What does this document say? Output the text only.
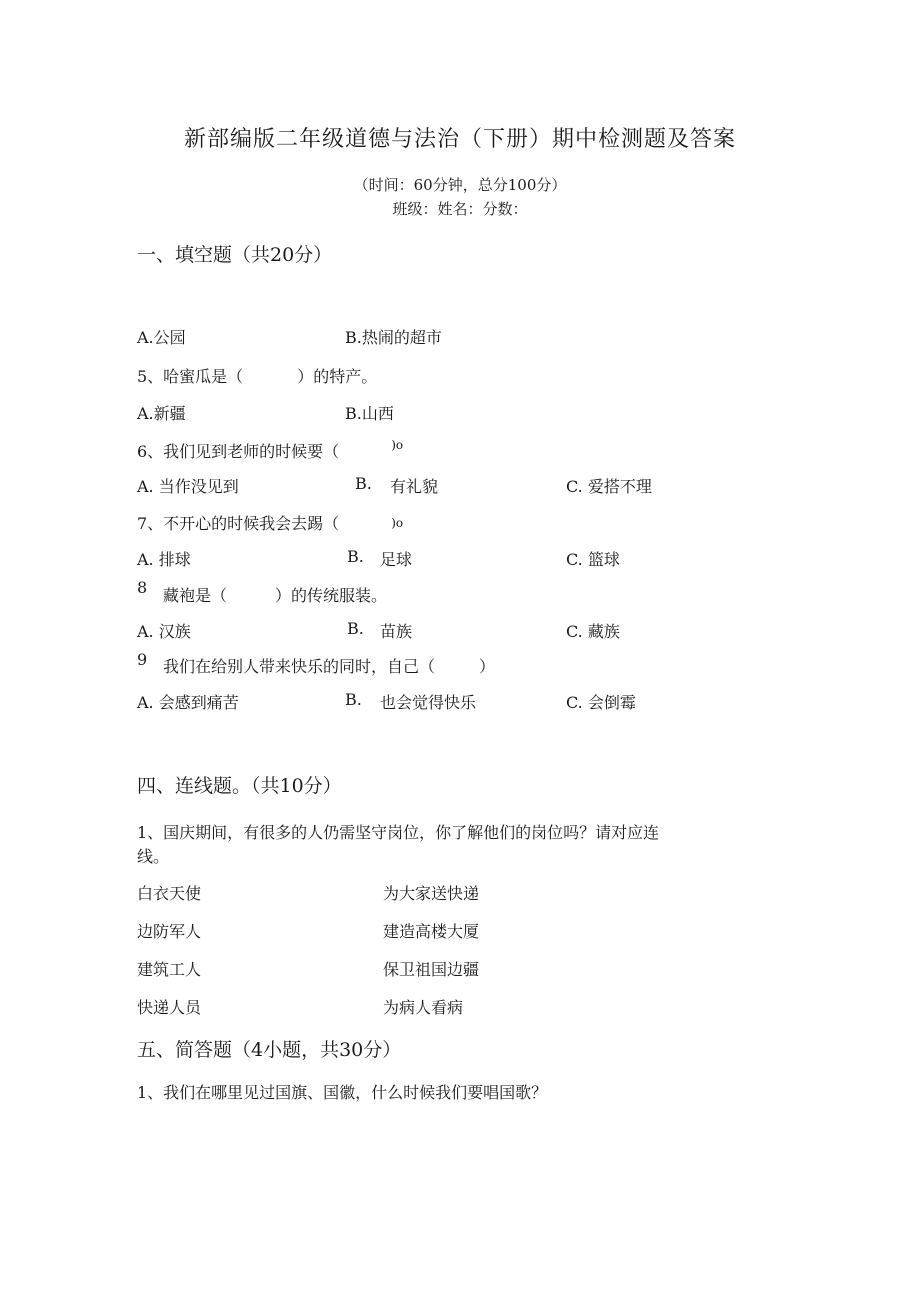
新部编版二年级道德与法治（下册）期中检测题及答案
（时间：60分钟，总分100分）
班级：姓名：分数：
一、填空题（共20分）
A.公园	B.热闹的超市
5、哈蜜瓜是（	）的特产。
A.新疆	B.山西
6、我们见到老师的时候要（	$^{)o}$
A. 当作没见到	B. 有礼貌	C. 爱搭不理
7、不开心的时候我会去踢（	)o
A. 排球	B. 足球	C. 篮球
8 藏袍是（	）的传统服装。
A. 汉族	B. 苗族	C. 藏族
9 我们在给别人带来快乐的同时，自己（	）
A. 会感到痛苦	B. 也会觉得快乐	C. 会倒霉
四、连线题。（共10分）
1、国庆期间，有很多的人仍需坚守岗位，你了解他们的岗位吗？请对应连
线。
白衣天使	为大家送快递
边防军人	建造高楼大厦
建筑工人	保卫祖国边疆
快递人员	为病人看病
五、简答题（4小题，共30分）
1、我们在哪里见过国旗、国徽，什么时候我们要唱国歌？
